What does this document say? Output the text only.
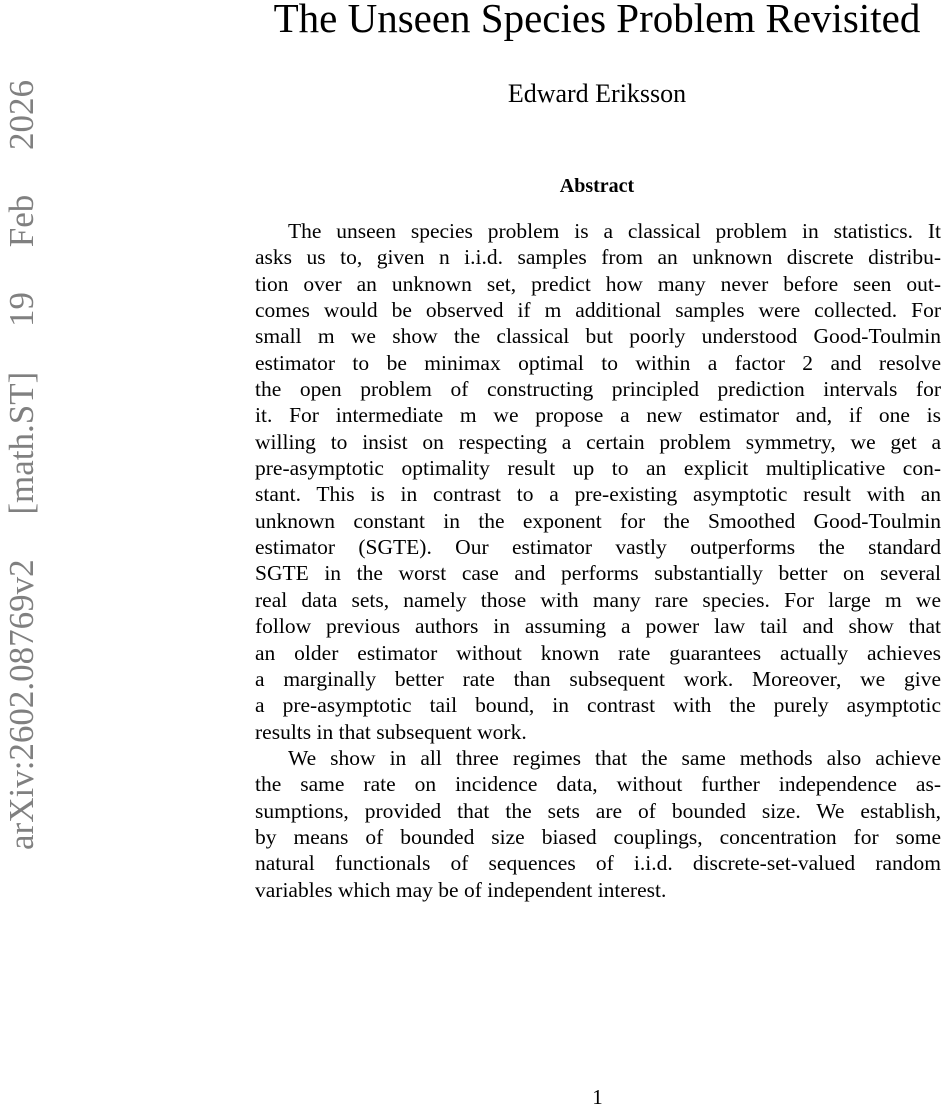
arXiv:2602.08769v2 [math.ST] 19 Feb 2026
The Unseen Species Problem Revisited
Edward Eriksson
Abstract
The unseen species problem is a classical problem in statistics. It
asks us to, given n i.i.d. samples from an unknown discrete distribu-
tion over an unknown set, predict how many never before seen out-
comes would be observed if m additional samples were collected. For
small m we show the classical but poorly understood Good-Toulmin
estimator to be minimax optimal to within a factor 2 and resolve
the open problem of constructing principled prediction intervals for
it. For intermediate m we propose a new estimator and, if one is
willing to insist on respecting a certain problem symmetry, we get a
pre-asymptotic optimality result up to an explicit multiplicative con-
stant. This is in contrast to a pre-existing asymptotic result with an
unknown constant in the exponent for the Smoothed Good-Toulmin
estimator (SGTE). Our estimator vastly outperforms the standard
SGTE in the worst case and performs substantially better on several
real data sets, namely those with many rare species. For large m we
follow previous authors in assuming a power law tail and show that
an older estimator without known rate guarantees actually achieves
a marginally better rate than subsequent work. Moreover, we give
a pre-asymptotic tail bound, in contrast with the purely asymptotic
results in that subsequent work.
We show in all three regimes that the same methods also achieve
the same rate on incidence data, without further independence as-
sumptions, provided that the sets are of bounded size. We establish,
by means of bounded size biased couplings, concentration for some
natural functionals of sequences of i.i.d. discrete-set-valued random
variables which may be of independent interest.
1
